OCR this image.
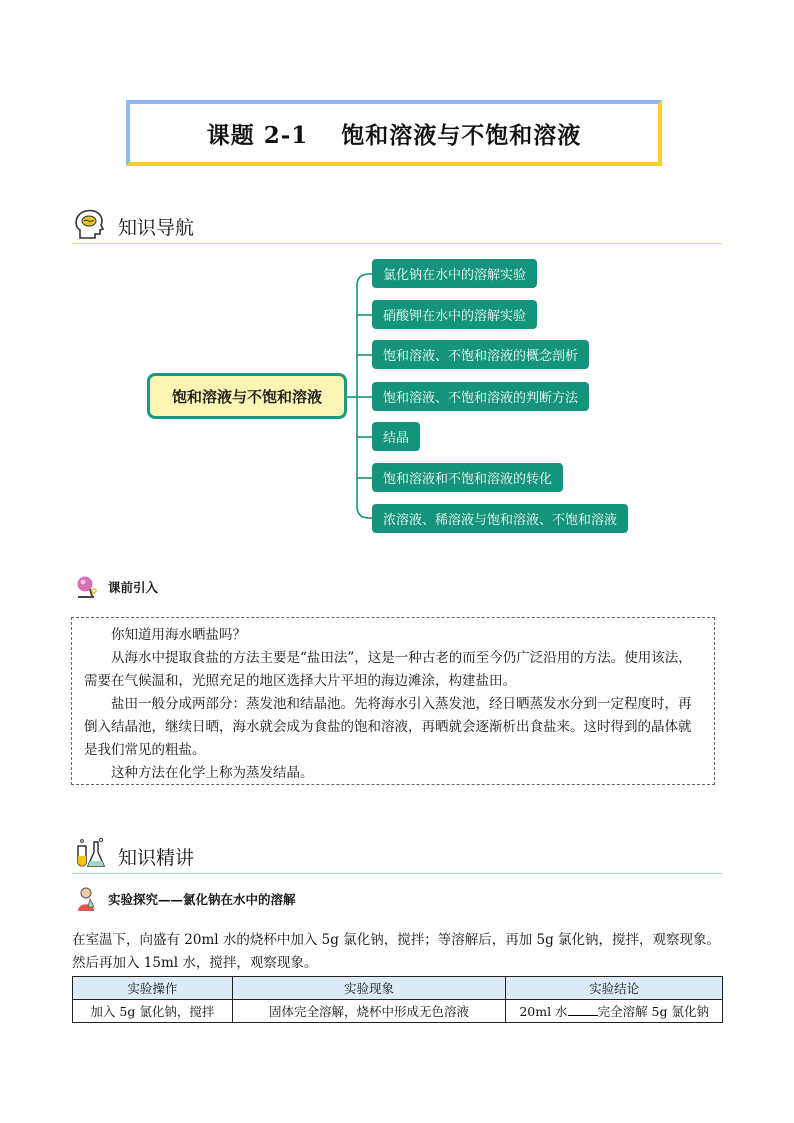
课题 2-1　 饱和溶液与不饱和溶液
知识导航
饱和溶液与不饱和溶液
氯化钠在水中的溶解实验
硝酸钾在水中的溶解实验
饱和溶液、不饱和溶液的概念剖析
饱和溶液、不饱和溶液的判断方法
结晶
饱和溶液和不饱和溶液的转化
浓溶液、稀溶液与饱和溶液、不饱和溶液
课前引入

你知道用海水晒盐吗？

从海水中提取食盐的方法主要是“盐田法”，这是一种古老的而至今仍广泛沿用的方法。使用该法，需要在气候温和，光照充足的地区选择大片平坦的海边滩涂，构建盐田。

盐田一般分成两部分：蒸发池和结晶池。先将海水引入蒸发池，经日晒蒸发水分到一定程度时，再倒入结晶池，继续日晒，海水就会成为食盐的饱和溶液，再晒就会逐渐析出食盐来。这时得到的晶体就是我们常见的粗盐。

这种方法在化学上称为蒸发结晶。

知识精讲
实验探究——氯化钠在水中的溶解
在室温下，向盛有 20ml 水的烧杯中加入 5g 氯化钠，搅拌；等溶解后，再加 5g 氯化钠，搅拌，观察现象。然后再加入 15ml 水，搅拌，观察现象。
实验操作	实验现象	实验结论
加入 5g 氯化钠，搅拌	固体完全溶解，烧杯中形成无色溶液	20ml 水 完全溶解 5g 氯化钠
